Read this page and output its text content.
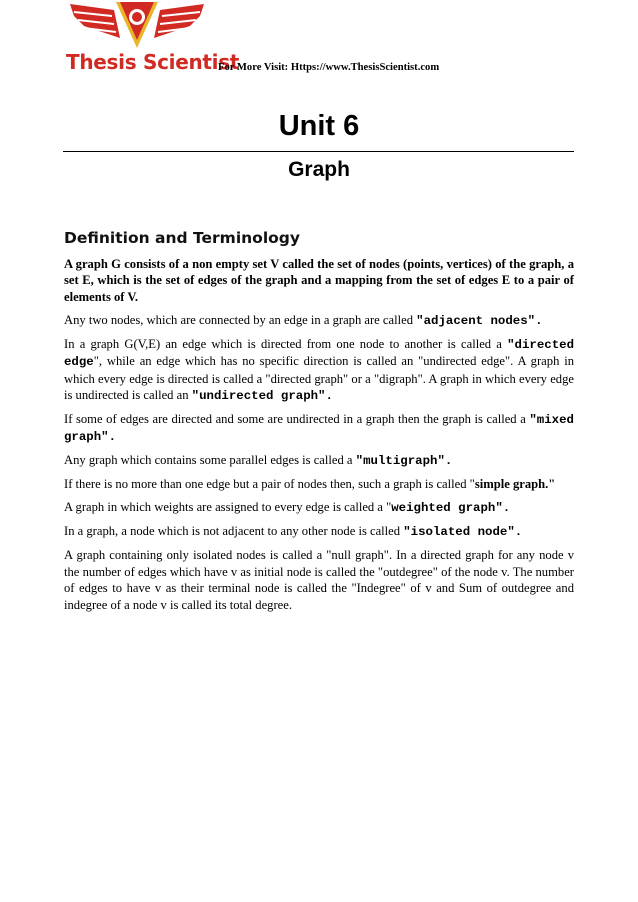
Thesis Scientist
For More Visit: Https://www.ThesisScientist.com
Unit 6
Graph
Definition and Terminology

A graph G consists of a non empty set V called the set of nodes (points, vertices) of the graph, a set E, which is the set of edges of the graph and a mapping from the set of edges E to a pair of elements of V.

Any two nodes, which are connected by an edge in a graph are called "adjacent nodes".

In a graph G(V,E) an edge which is directed from one node to another is called a "directed edge", while an edge which has no specific direction is called an "undirected edge". A graph in which every edge is directed is called a "directed graph" or a "digraph". A graph in which every edge is undirected is called an "undirected graph".

If some of edges are directed and some are undirected in a graph then the graph is called a "mixed graph".

Any graph which contains some parallel edges is called a "multigraph".

If there is no more than one edge but a pair of nodes then, such a graph is called "simple graph."

A graph in which weights are assigned to every edge is called a "weighted graph".

In a graph, a node which is not adjacent to any other node is called "isolated node".

A graph containing only isolated nodes is called a "null graph". In a directed graph for any node v the number of edges which have v as initial node is called the "outdegree" of the node v. The number of edges to have v as their terminal node is called the "Indegree" of v and Sum of outdegree and indegree of a node v is called its total degree.
